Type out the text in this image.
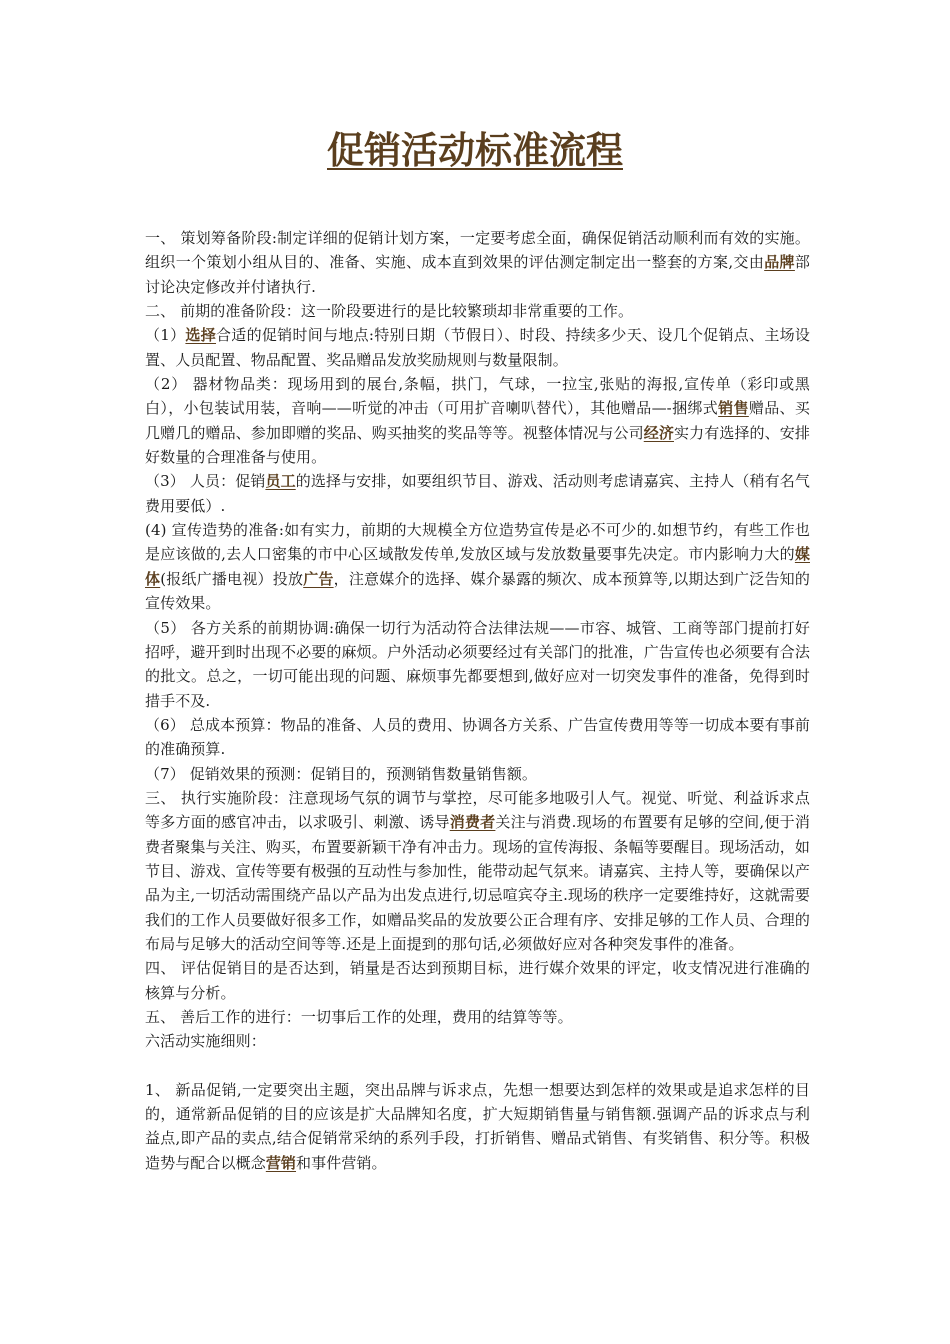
促销活动标准流程

一、 策划筹备阶段:制定详细的促销计划方案，一定要考虑全面，确保促销活动顺利而有效的实施。组织一个策划小组从目的、准备、实施、成本直到效果的评估测定制定出一整套的方案,交由品牌部讨论决定修改并付诸执行.

二、 前期的准备阶段：这一阶段要进行的是比较繁琐却非常重要的工作。

（1）选择合适的促销时间与地点:特别日期（节假日）、时段、持续多少天、设几个促销点、主场设置、人员配置、物品配置、奖品赠品发放奖励规则与数量限制。

（2） 器材物品类：现场用到的展台,条幅，拱门，气球，一拉宝,张贴的海报,宣传单（彩印或黑白），小包装试用装，音响——听觉的冲击（可用扩音喇叭替代），其他赠品—-捆绑式销售赠品、买几赠几的赠品、参加即赠的奖品、购买抽奖的奖品等等。视整体情况与公司经济实力有选择的、安排好数量的合理准备与使用。

（3） 人员：促销员工的选择与安排，如要组织节目、游戏、活动则考虑请嘉宾、主持人（稍有名气费用要低）.

(4) 宣传造势的准备:如有实力，前期的大规模全方位造势宣传是必不可少的.如想节约，有些工作也是应该做的,去人口密集的市中心区域散发传单,发放区域与发放数量要事先决定。市内影响力大的媒体(报纸广播电视）投放广告，注意媒介的选择、媒介暴露的频次、成本预算等,以期达到广泛告知的宣传效果。

（5） 各方关系的前期协调:确保一切行为活动符合法律法规——市容、城管、工商等部门提前打好招呼，避开到时出现不必要的麻烦。户外活动必须要经过有关部门的批准，广告宣传也必须要有合法的批文。总之，一切可能出现的问题、麻烦事先都要想到,做好应对一切突发事件的准备，免得到时措手不及.

（6） 总成本预算：物品的准备、人员的费用、协调各方关系、广告宣传费用等等一切成本要有事前的准确预算.

（7） 促销效果的预测：促销目的，预测销售数量销售额。

三、 执行实施阶段：注意现场气氛的调节与掌控，尽可能多地吸引人气。视觉、听觉、利益诉求点等多方面的感官冲击，以求吸引、刺激、诱导消费者关注与消费.现场的布置要有足够的空间,便于消费者聚集与关注、购买，布置要新颖干净有冲击力。现场的宣传海报、条幅等要醒目。现场活动，如节目、游戏、宣传等要有极强的互动性与参加性，能带动起气氛来。请嘉宾、主持人等，要确保以产品为主,一切活动需围绕产品以产品为出发点进行,切忌喧宾夺主.现场的秩序一定要维持好，这就需要我们的工作人员要做好很多工作，如赠品奖品的发放要公正合理有序、安排足够的工作人员、合理的布局与足够大的活动空间等等.还是上面提到的那句话,必须做好应对各种突发事件的准备。

四、 评估促销目的是否达到，销量是否达到预期目标，进行媒介效果的评定，收支情况进行准确的核算与分析。

五、 善后工作的进行：一切事后工作的处理，费用的结算等等。

六活动实施细则：

1、 新品促销,一定要突出主题，突出品牌与诉求点，先想一想要达到怎样的效果或是追求怎样的目的，通常新品促销的目的应该是扩大品牌知名度，扩大短期销售量与销售额.强调产品的诉求点与利益点,即产品的卖点,结合促销常采纳的系列手段，打折销售、赠品式销售、有奖销售、积分等。积极造势与配合以概念营销和事件营销。
